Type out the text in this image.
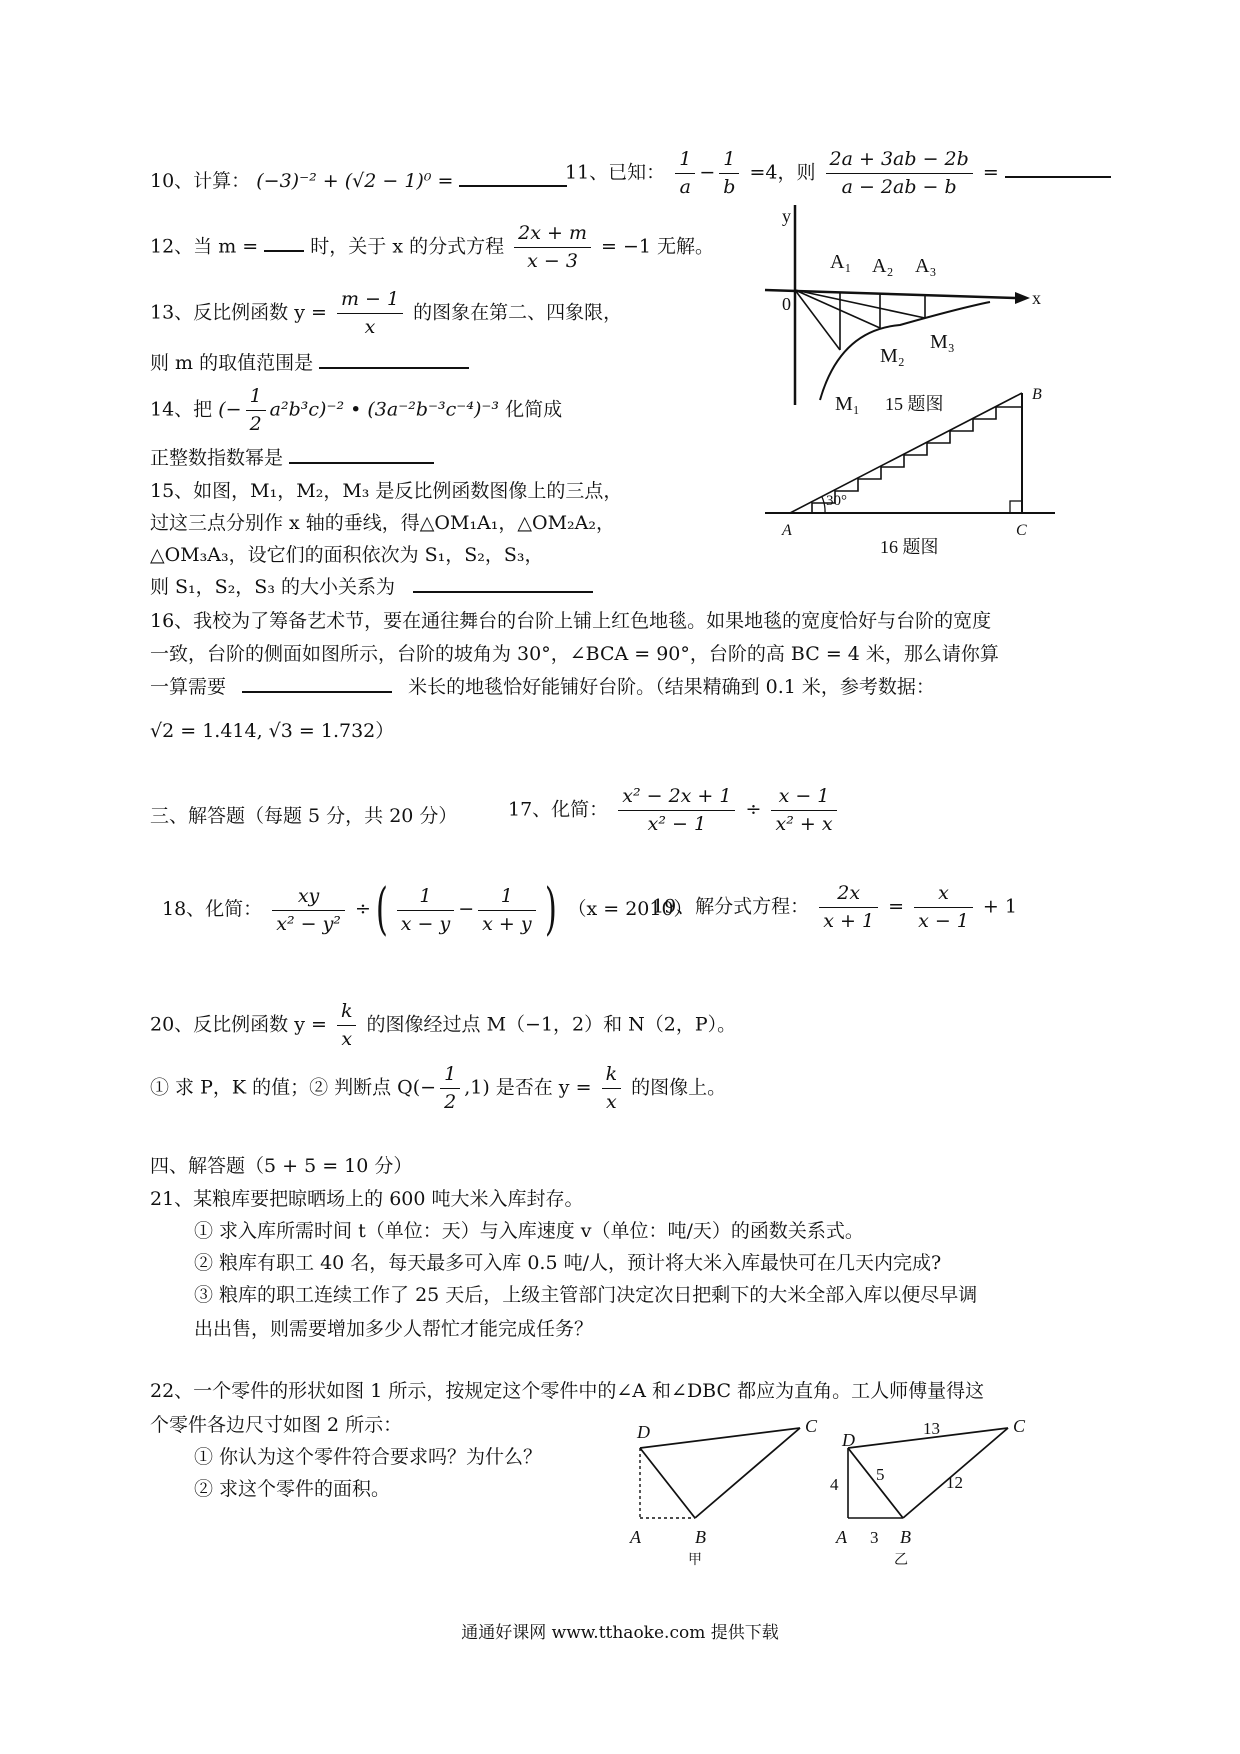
10、计算： (−3)⁻² + (√2 − 1)⁰ =	11、已知： $\frac{1}{a} - \frac{1}{b} =4$，则 $\frac{2a + 3ab - 2b}{a - 2ab - b}$ =
12、当 m =	时，关于 x 的分式方程 $\frac{2x + m}{x - 3} = -1$ 无解。
13、反比例函数 $y = \frac{m - 1}{x}$ 的图象在第二、四象限，
则 m 的取值范围是
14、把 (− $\frac{1}{2} a^2b^3c)^{-2}$ • (3a⁻²b⁻³c⁻⁴)⁻³ 化简成
正整数指数幂是
15、如图，M₁，M₂，M₃ 是反比例函数图像上的三点，
过这三点分别作 x 轴的垂线，得△OM₁A₁，△OM₂A₂，
△OM₃A₃，设它们的面积依次为 S₁，S₂，S₃，
则 S₁，S₂，S₃ 的大小关系为
16、我校为了筹备艺术节，要在通往舞台的台阶上铺上红色地毯。如果地毯的宽度恰好与台阶的宽度
一致，台阶的侧面如图所示，台阶的坡角为 30°，∠BCA = 90°，台阶的高 BC = 4 米，那么请你算
一算需要	米长的地毯恰好能铺好台阶。（结果精确到 0.1 米，参考数据：
√2 = 1.414, √3 = 1.732）
三、解答题（每题 5 分，共 20 分）	17、化简： $\frac{\text{x² − 2x + 1}}{\text{x² − 1}} \div \frac{x - 1}{\text{x² + x}}$
18、化简： $\frac{xy}{\text{x² − y²}}$ ÷( $\frac{1}{x - y} - \frac{1}{x + y}$ ) （x = 2010）
19、解分式方程： $\frac{2x}{x + 1} = \frac{x}{x - 1} + 1$
20、反比例函数 $y = \frac{k}{x}$ 的图像经过点 M（−1，2）和 N（2，P）。
① 求 P，K 的值；② 判断点 $Q(- \frac{1}{2} ,1)$ 是否在 $y = \frac{k}{x}$ 的图像上。
四、解答题（5 + 5 = 10 分）
21、某粮库要把晾晒场上的 600 吨大米入库封存。
① 求入库所需时间 t（单位：天）与入库速度 v（单位：吨/天）的函数关系式。
② 粮库有职工 40 名，每天最多可入库 0.5 吨/人，预计将大米入库最快可在几天内完成?
③ 粮库的职工连续工作了 25 天后，上级主管部门决定次日把剩下的大米全部入库以便尽早调
出出售，则需要增加多少人帮忙才能完成任务？
22、一个零件的形状如图 1 所示，按规定这个零件中的∠A 和∠DBC 都应为直角。工人师傅量得这
个零件各边尺寸如图 2 所示：
① 你认为这个零件符合要求吗？为什么？
② 求这个零件的面积。
y
x
0
A₁ A₂ A₃
M₂
M₃
M₁ 15 题图
30°
A	C
B
16 题图
D	C
A	B
甲
D
C
A	B
13
4
5	12
3
乙
通通好课网 www.tthaoke.com 提供下载
